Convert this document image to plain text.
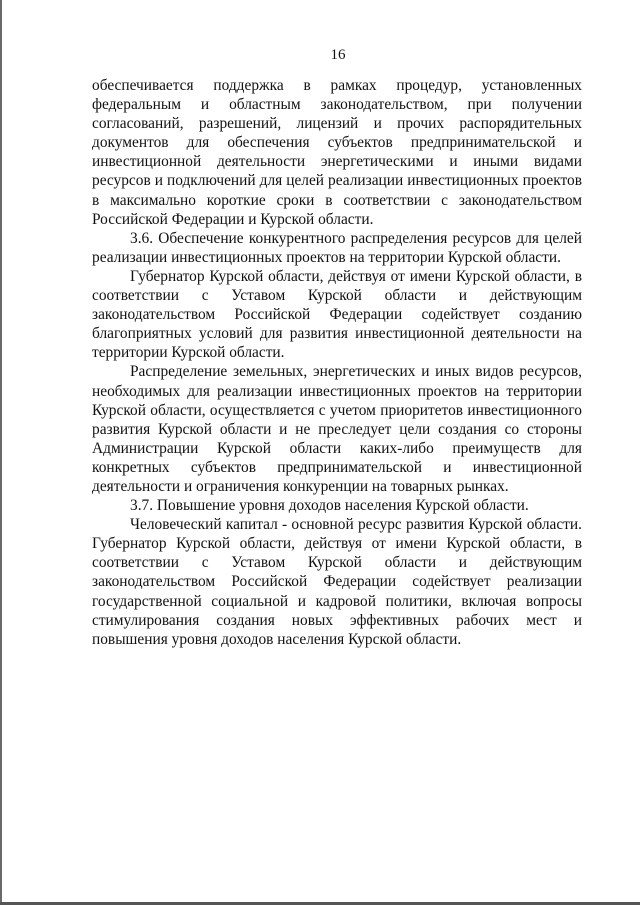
16

обеспечивается поддержка в рамках процедур, установленных федеральным и областным законодательством, при получении согласований, разрешений, лицензий и прочих распорядительных документов для обеспечения субъектов предпринимательской и инвестиционной деятельности энергетическими и иными видами ресурсов и подключений для целей реализации инвестиционных проектов в максимально короткие сроки в соответствии с законодательством Российской Федерации и Курской области.

3.6. Обеспечение конкурентного распределения ресурсов для целей реализации инвестиционных проектов на территории Курской области.

Губернатор Курской области, действуя от имени Курской области, в соответствии с Уставом Курской области и действующим законодательством Российской Федерации содействует созданию благоприятных условий для развития инвестиционной деятельности на территории Курской области.

Распределение земельных, энергетических и иных видов ресурсов, необходимых для реализации инвестиционных проектов на территории Курской области, осуществляется с учетом приоритетов инвестиционного развития Курской области и не преследует цели создания со стороны Администрации Курской области каких-либо преимуществ для конкретных субъектов предпринимательской и инвестиционной деятельности и ограничения конкуренции на товарных рынках.

3.7. Повышение уровня доходов населения Курской области.

Человеческий капитал - основной ресурс развития Курской области. Губернатор Курской области, действуя от имени Курской области, в соответствии с Уставом Курской области и действующим законодательством Российской Федерации содействует реализации государственной социальной и кадровой политики, включая вопросы стимулирования создания новых эффективных рабочих мест и повышения уровня доходов населения Курской области.
